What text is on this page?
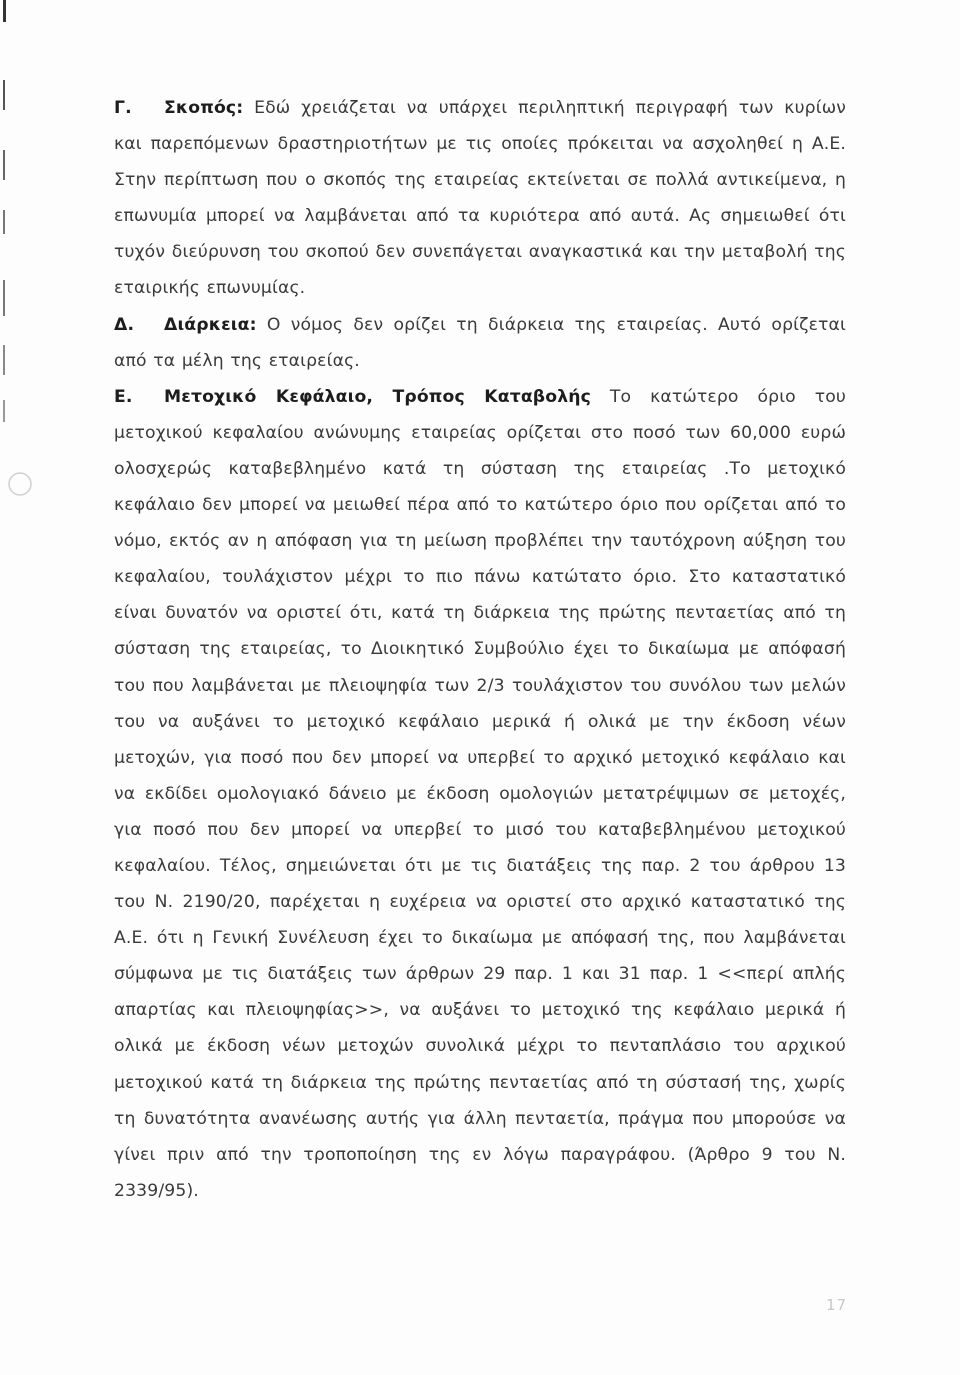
Γ. Σκοπός: Εδώ χρειάζεται να υπάρχει περιληπτική περιγραφή των κυρίων και παρεπόμενων δραστηριοτήτων με τις οποίες πρόκειται να ασχοληθεί η Α.Ε. Στην περίπτωση που ο σκοπός της εταιρείας εκτείνεται σε πολλά αντικείμενα, η επωνυμία μπορεί να λαμβάνεται από τα κυριότερα από αυτά. Ας σημειωθεί ότι τυχόν διεύρυνση του σκοπού δεν συνεπάγεται αναγκαστικά και την μεταβολή της εταιρικής επωνυμίας.

Δ. Διάρκεια: Ο νόμος δεν ορίζει τη διάρκεια της εταιρείας. Αυτό ορίζεται από τα μέλη της εταιρείας.

Ε. Μετοχικό Κεφάλαιο, Τρόπος Καταβολής Το κατώτερο όριο του μετοχικού κεφαλαίου ανώνυμης εταιρείας ορίζεται στο ποσό των 60,000 ευρώ ολοσχερώς καταβεβλημένο κατά τη σύσταση της εταιρείας .Το μετοχικό κεφάλαιο δεν μπορεί να μειωθεί πέρα από το κατώτερο όριο που ορίζεται από το νόμο, εκτός αν η απόφαση για τη μείωση προβλέπει την ταυτόχρονη αύξηση του κεφαλαίου, τουλάχιστον μέχρι το πιο πάνω κατώτατο όριο. Στο καταστατικό είναι δυνατόν να οριστεί ότι, κατά τη διάρκεια της πρώτης πενταετίας από τη σύσταση της εταιρείας, το Διοικητικό Συμβούλιο έχει το δικαίωμα με απόφασή του που λαμβάνεται με πλειοψηφία των 2/3 τουλάχιστον του συνόλου των μελών του να αυξάνει το μετοχικό κεφάλαιο μερικά ή ολικά με την έκδοση νέων μετοχών, για ποσό που δεν μπορεί να υπερβεί το αρχικό μετοχικό κεφάλαιο και να εκδίδει ομολογιακό δάνειο με έκδοση ομολογιών μετατρέψιμων σε μετοχές, για ποσό που δεν μπορεί να υπερβεί το μισό του καταβεβλημένου μετοχικού κεφαλαίου. Τέλος, σημειώνεται ότι με τις διατάξεις της παρ. 2 του άρθρου 13 του Ν. 2190/20, παρέχεται η ευχέρεια να οριστεί στο αρχικό καταστατικό της Α.Ε. ότι η Γενική Συνέλευση έχει το δικαίωμα με απόφασή της, που λαμβάνεται σύμφωνα με τις διατάξεις των άρθρων 29 παρ. 1 και 31 παρ. 1 <<περί απλής απαρτίας και πλειοψηφίας>>, να αυξάνει το μετοχικό της κεφάλαιο μερικά ή ολικά με έκδοση νέων μετοχών συνολικά μέχρι το πενταπλάσιο του αρχικού μετοχικού κατά τη διάρκεια της πρώτης πενταετίας από τη σύστασή της, χωρίς τη δυνατότητα ανανέωσης αυτής για άλλη πενταετία, πράγμα που μπορούσε να γίνει πριν από την τροποποίηση της εν λόγω παραγράφου. (Άρθρο 9 του Ν. 2339/95).

17
